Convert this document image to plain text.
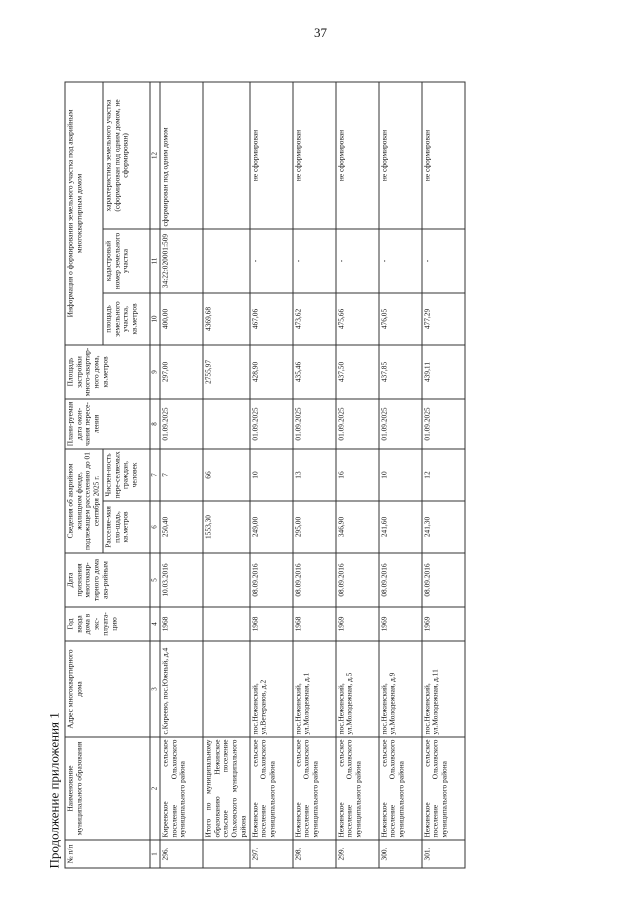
37
Продолжение приложения 1 № п/п	Наименование муниципального образования	Адрес многоквартирного дома	Год ввода дома в экс-плуата-цию	Дата признания многоквар-тирного дома ава-рийным	Сведения об аварийном жилищном фонде, подлежащем расселению до 01 сентября 2025 г.		Плани-руемая дата окон-чания пересе-ления	Площадь застройки много-квартир-ного дома, кв.метров	Информация о формировании земельного участка под аварийным многоквартирным домом		
					Расселяе-мая пло-щадь, кв.метров	Числен-ность пере-селяемых граждан, человек			площадь земельного участка, кв.метров	кадастровый номер земельного участка	характеристика земельного участка (сформирован под одним домом, не сформирован)
1	2	3	4	5	6	7	8	9	10	11	12
296.	Киреевское сельское поселение Ольховского муниципального района	с.Киреево, пос.Южный, д.4	1968	10.03.2016	250,40	7	01.09.2025	297,00	400,00	34:22:020001:509	сформирован под одним домом
	Итого по муниципальному образованию Нежинское сельское поселение Ольховского муниципального района				1553,30	66		2755,97	4369,68		
297.	Нежинское сельское поселение Ольховского муниципального района	пос.Нежинский, ул.Ветеранов, д.2	1968	08.09.2016	249,00	10	01.09.2025	428,90	467,06	-	не сформирован
298.	Нежинское сельское поселение Ольховского муниципального района	пос.Нежинский, ул.Молодежная, д.1	1968	08.09.2016	295,00	13	01.09.2025	435,46	473,62	-	не сформирован
299.	Нежинское сельское поселение Ольховского муниципального района	пос.Нежинский, ул.Молодежная, д.5	1969	08.09.2016	346,90	16	01.09.2025	437,50	475,66	-	не сформирован
300.	Нежинское сельское поселение Ольховского муниципального района	пос.Нежинский, ул.Молодежная, д.9	1969	08.09.2016	241,60	10	01.09.2025	437,85	476,05	-	не сформирован
301.	Нежинское сельское поселение Ольховского муниципального района	пос.Нежинский, ул.Молодежная, д.11	1969	08.09.2016	241,30	12	01.09.2025	439,11	477,29	-	не сформирован
